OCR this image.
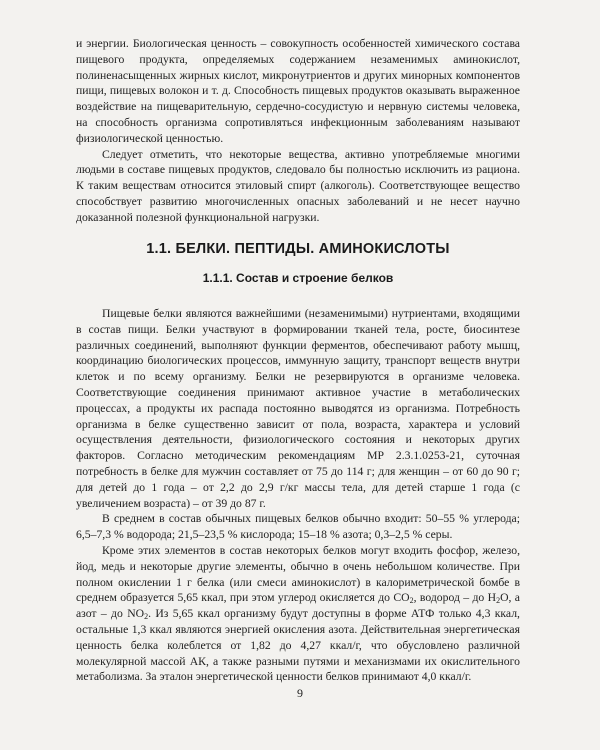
и энергии. Биологическая ценность – совокупность особенностей химического состава пищевого продукта, определяемых содержанием незаменимых аминокислот, полиненасыщенных жирных кислот, микронутриентов и других минорных компонентов пищи, пищевых волокон и т. д. Способность пищевых продуктов оказывать выраженное воздействие на пищеварительную, сердечно-сосудистую и нервную системы человека, на способность организма сопротивляться инфекционным заболеваниям называют физиологической ценностью.

Следует отметить, что некоторые вещества, активно употребляемые многими людьми в составе пищевых продуктов, следовало бы полностью исключить из рациона. К таким веществам относится этиловый спирт (алкоголь). Соответствующее вещество способствует развитию многочисленных опасных заболеваний и не несет научно доказанной полезной функциональной нагрузки.

1.1. БЕЛКИ. ПЕПТИДЫ. АМИНОКИСЛОТЫ
1.1.1. Состав и строение белков

Пищевые белки являются важнейшими (незаменимыми) нутриентами, входящими в состав пищи. Белки участвуют в формировании тканей тела, росте, биосинтезе различных соединений, выполняют функции ферментов, обеспечивают работу мышц, координацию биологических процессов, иммунную защиту, транспорт веществ внутри клеток и по всему организму. Белки не резервируются в организме человека. Соответствующие соединения принимают активное участие в метаболических процессах, а продукты их распада постоянно выводятся из организма. Потребность организма в белке существенно зависит от пола, возраста, характера и условий осуществления деятельности, физиологического состояния и некоторых других факторов. Согласно методическим рекомендациям МР 2.3.1.0253-21, суточная потребность в белке для мужчин составляет от 75 до 114 г; для женщин – от 60 до 90 г; для детей до 1 года – от 2,2 до 2,9 г/кг массы тела, для детей старше 1 года (с увеличением возраста) – от 39 до 87 г.

В среднем в состав обычных пищевых белков обычно входит: 50–55 % углерода; 6,5–7,3 % водорода; 21,5–23,5 % кислорода; 15–18 % азота; 0,3–2,5 % серы.

Кроме этих элементов в состав некоторых белков могут входить фосфор, железо, йод, медь и некоторые другие элементы, обычно в очень небольшом количестве. При полном окислении 1 г белка (или смеси аминокислот) в калориметрической бомбе в среднем образуется 5,65 ккал, при этом углерод окисляется до $CO_2$, водород – до $H_2O$, а азот – до $NO_2$. Из 5,65 ккал организму будут доступны в форме АТФ только 4,3 ккал, остальные 1,3 ккал являются энергией окисления азота. Действительная энергетическая ценность белка колеблется от 1,82 до 4,27 ккал/г, что обусловлено различной молекулярной массой АК, а также разными путями и механизмами их окислительного метаболизма. За эталон энергетической ценности белков принимают 4,0 ккал/г.

9
